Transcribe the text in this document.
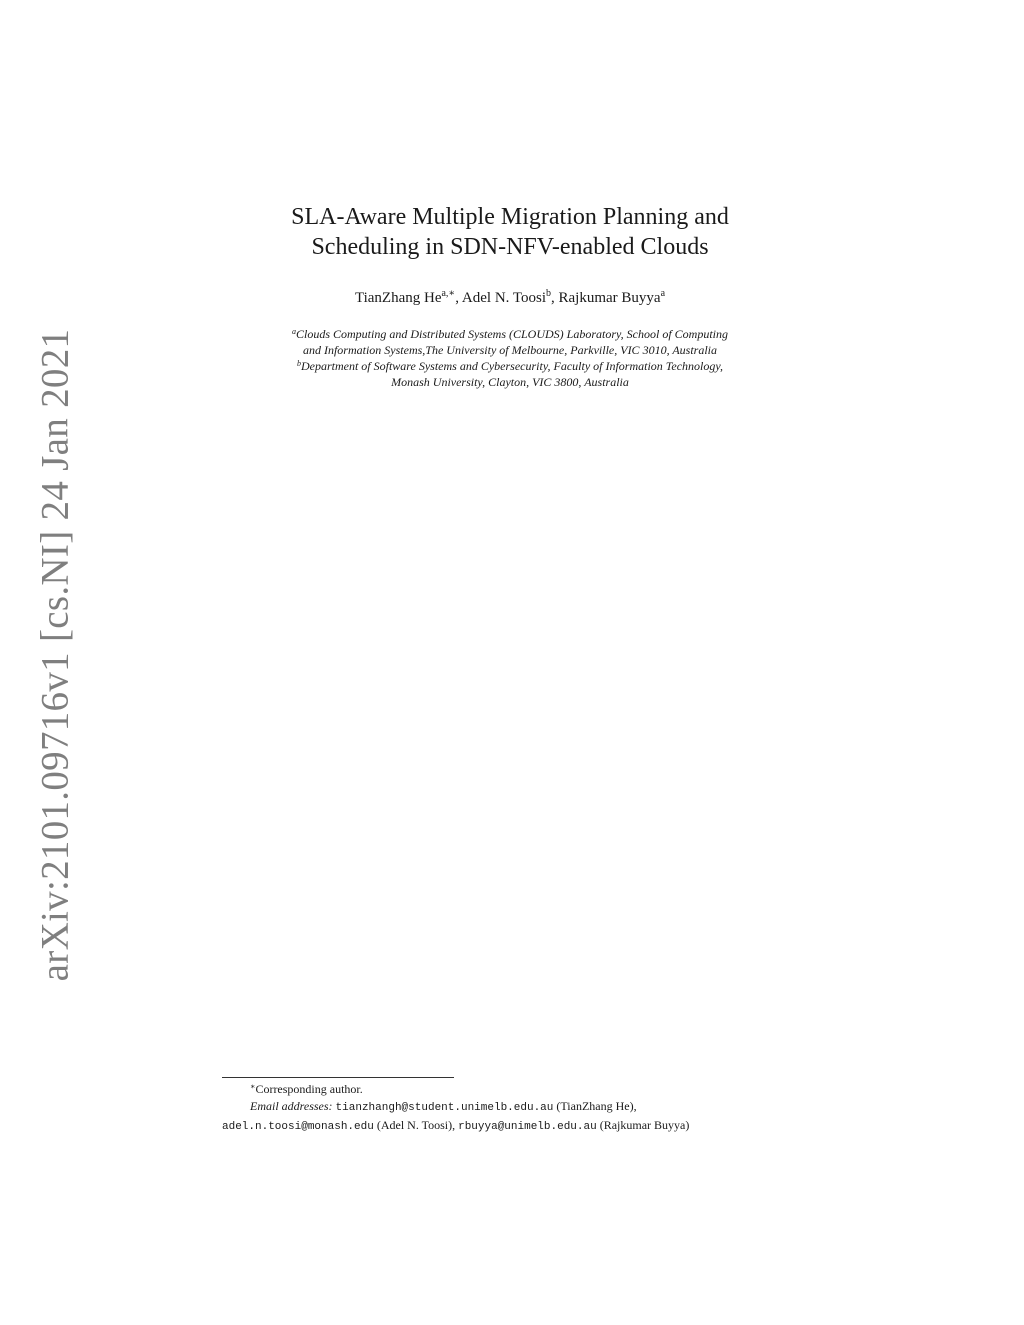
arXiv:2101.09716v1 [cs.NI] 24 Jan 2021

SLA-Aware Multiple Migration Planning and

Scheduling in SDN-NFV-enabled Clouds

TianZhang $He^{a,∗}$, Adel N. Toosi$^b$, Rajkumar Buyya$^a$
$^a$Clouds Computing and Distributed Systems (CLOUDS) Laboratory, School of Computing
and Information Systems,The University of Melbourne, Parkville, VIC 3010, Australia
$^b$Department of Software Systems and Cybersecurity, Faculty of Information Technology,
Monash University, Clayton, VIC 3800, Australia
∗Corresponding author.
Email addresses: tianzhangh@student.unimelb.edu.au (TianZhang He),
adel.n.toosi@monash.edu (Adel N. Toosi), rbuyya@unimelb.edu.au (Rajkumar Buyya)
